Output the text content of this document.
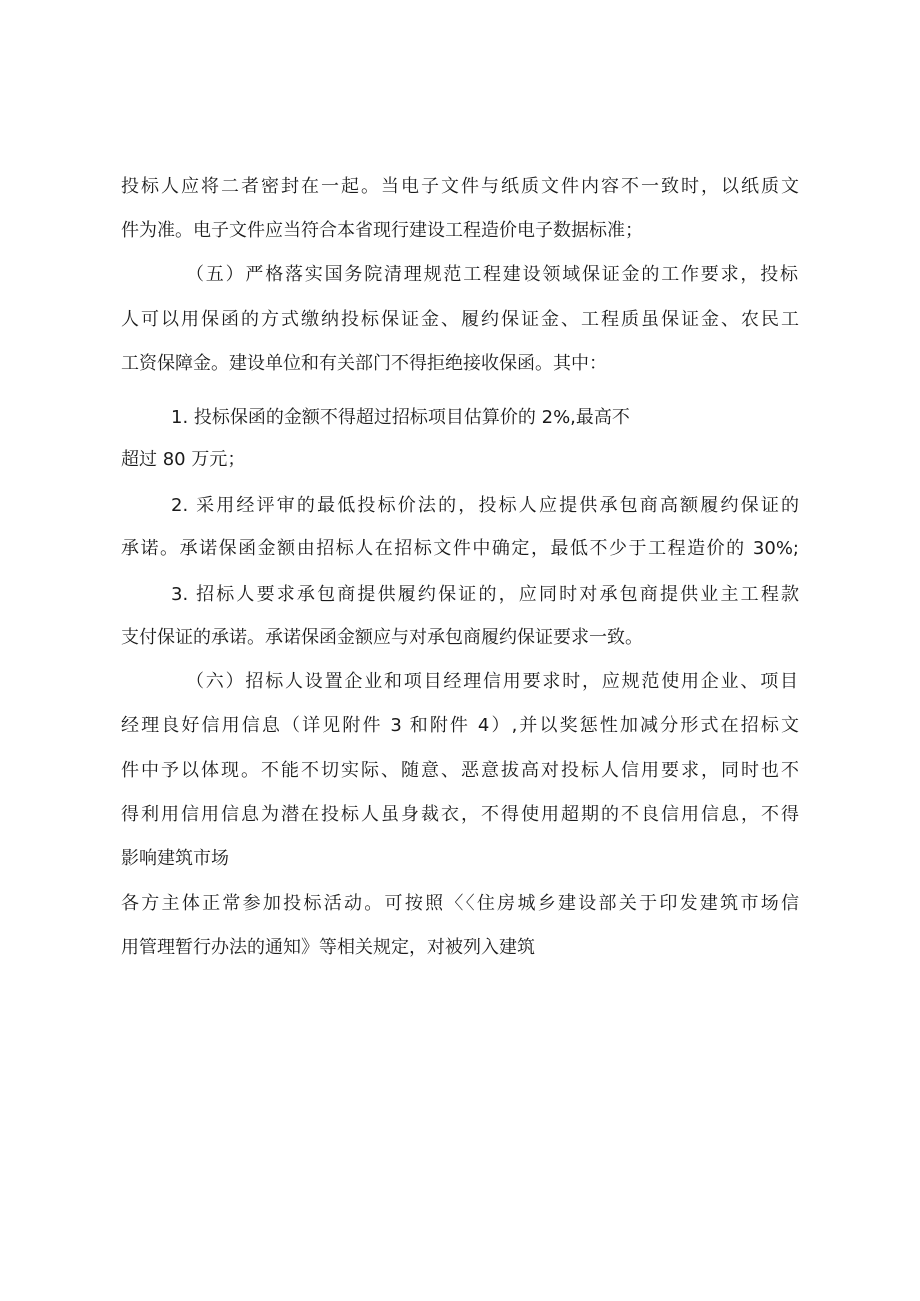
投标人应将二者密封在一起。当电子文件与纸质文件内容不一致时，以纸质文
件为准。电子文件应当符合本省现行建设工程造价电子数据标准；
（五）严格落实国务院清理规范工程建设领域保证金的工作要求，投标
人可以用保函的方式缴纳投标保证金、履约保证金、工程质虽保证金、农民工
工资保障金。建设单位和有关部门不得拒绝接收保函。其中：
1. 投标保函的金额不得超过招标项目估算价的 2%,最高不
超过 80 万元；
2. 采用经评审的最低投标价法的，投标人应提供承包商高额履约保证的
承诺。承诺保函金额由招标人在招标文件中确定，最低不少于工程造价的 30%;
3. 招标人要求承包商提供履约保证的，应同时对承包商提供业主工程款
支付保证的承诺。承诺保函金额应与对承包商履约保证要求一致。
（六）招标人设置企业和项目经理信用要求时，应规范使用企业、项目
经理良好信用信息（详见附件 3 和附件 4）,并以奖惩性加减分形式在招标文
件中予以体现。不能不切实际、随意、恶意拔高对投标人信用要求，同时也不
得利用信用信息为潜在投标人虽身裁衣，不得使用超期的不良信用信息，不得
影响建筑市场
各方主体正常参加投标活动。可按照〈〈住房城乡建设部关于印发建筑市场信
用管理暂行办法的通知》等相关规定，对被列入建筑
